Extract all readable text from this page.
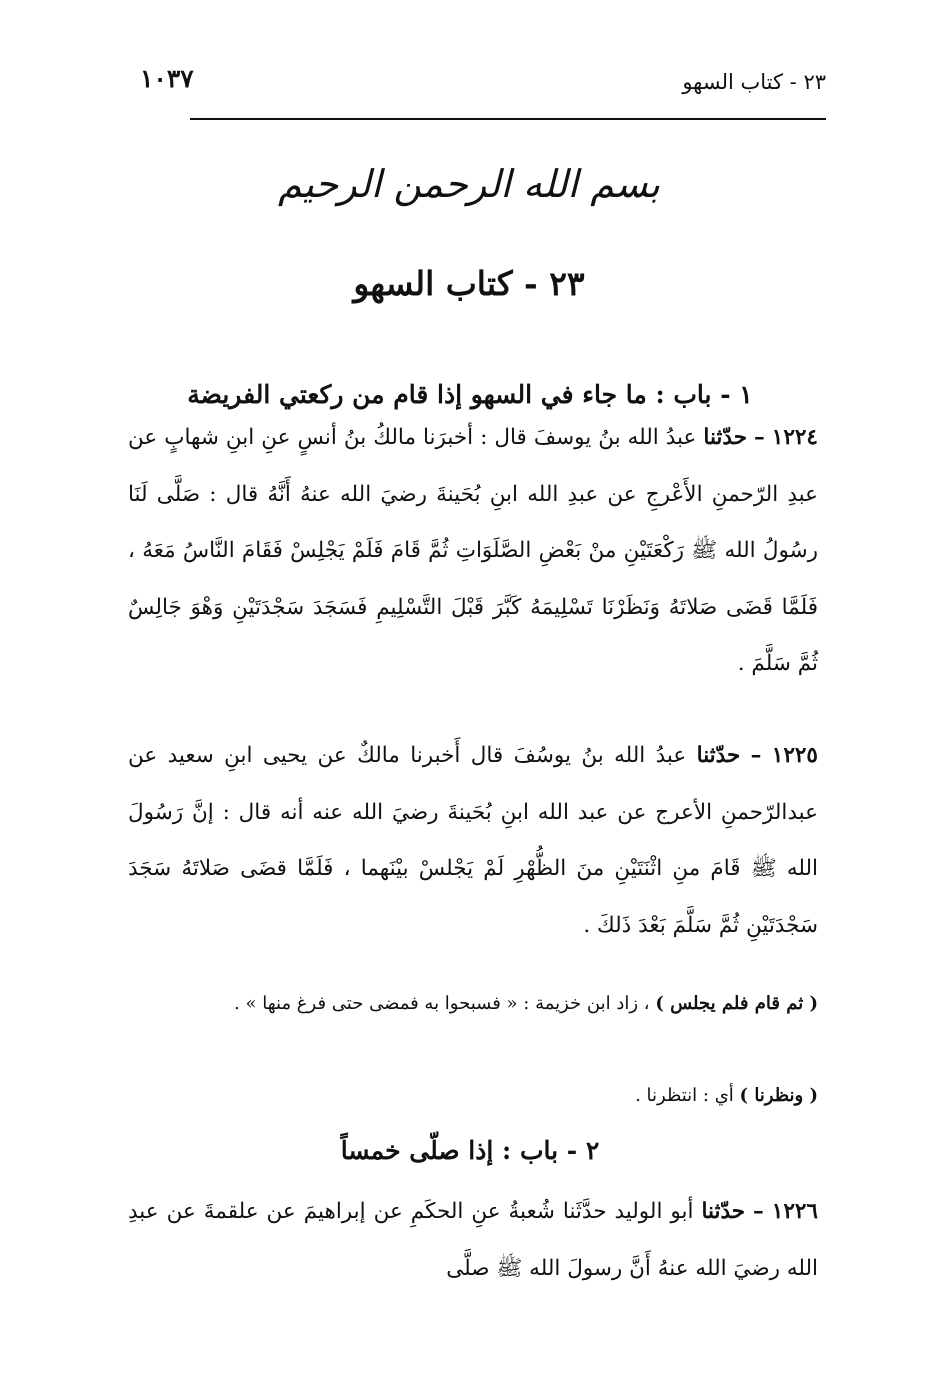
٢٣ - كتاب السهو
١٠٣٧
بسم الله الرحمن الرحيم
٢٣ - كتاب السهو
١ - باب : ما جاء في السهو إذا قام من ركعتي الفريضة

١٢٢٤ – حدّثنا عبدُ الله بنُ يوسفَ قال : أخبرَنا مالكُ بنُ أنسٍ عنِ ابنِ شهابٍ عن عبدِ الرّحمنِ الأَعْرجِ عن عبدِ الله ابنِ بُحَينةَ رضيَ الله عنهُ أَنَّهُ قال : صَلَّى لَنَا رسُولُ الله ﷺ رَكْعَتَيْنِ منْ بَعْضِ الصَّلَوَاتِ ثُمَّ قَامَ فَلَمْ يَجْلِسْ فَقَامَ النَّاسُ مَعَهُ ، فَلَمَّا قَضَى صَلاتَهُ وَنَظَرْنَا تَسْلِيمَهُ كَبَّرَ قَبْلَ التَّسْلِيمِ فَسَجَدَ سَجْدَتَيْنِ وَهْوَ جَالِسٌ ثُمَّ سَلَّمَ .

١٢٢٥ – حدّثنا عبدُ الله بنُ يوسُفَ قال أَخبرنا مالكٌ عن يحيى ابنِ سعيد عن عبدالرّحمنِ الأعرج عن عبد الله ابنِ بُحَينةَ رضيَ الله عنه أنه قال : إنَّ رَسُولَ الله ﷺ قَامَ منِ اثْنَتَيْنِ منَ الظُّهْرِ لَمْ يَجْلسْ بيْنَهما ، فَلَمَّا قضَى صَلاتَهُ سَجَدَ سَجْدَتَيْنِ ثُمَّ سَلَّمَ بَعْدَ ذَلكَ .

( ثم قام فلم يجلس ) ، زاد ابن خزيمة : « فسبحوا به فمضى حتى فرغ منها » .

( ونظرنا ) أي : انتظرنا .

٢ - باب : إذا صلّى خمساً

١٢٢٦ – حدّثنا أبو الوليد حدَّثَنا شُعبةُ عنِ الحكَمِ عن إبراهيمَ عن علقمةَ عن عبدِ الله رضيَ الله عنهُ أَنَّ رسولَ الله ﷺ صلَّى
